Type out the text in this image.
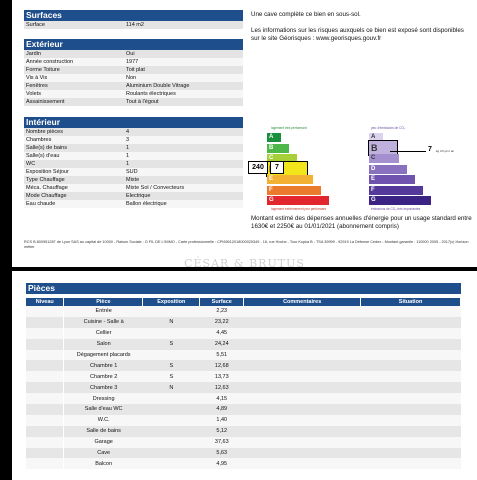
Surfaces
Surface	114 m2
Extérieur
Jardin	Oui
Année construction	1977
Forme Toiture	Toit plat
Vis à Vis	Non
Fenêtres	Aluminium Double Vitrage
Volets	Roulants électriques
Assainissement	Tout à l'égout
Intérieur
Nombre pièces	4
Chambres	3
Salle(s) de bains	1
Salle(s) d'eau	1
WC	1
Exposition Séjour	SUD
Type Chauffage	Mixte
Méca. Chauffage	Mixte Sol / Convecteurs
Mode Chauffage	Electrique
Eau chaude	Ballon électrique
Une cave complète ce bien en sous-sol.
Les informations sur les risques auxquels ce bien est exposé sont disponibles sur le site Géorisques : www.georisques.gouv.fr
logement très performant
A
B
C
E
F
G
logement extrêmement peu performant
240	7
peu d'émissions de CO₂
A
B
C
D
E
F
G
émissions de CO₂ très importantes
7 kg CO₂/m².an
Montant estimé des dépenses annuelles d'énergie pour un usage standard entre 1630€ et 2250€ au 01/01/2021 (abonnement compris)
RCS B 800951287 de Lyon SAS au capital de 10000 - Raison Sociale : O FIL DE L'IMMO - Carte professionnelle : CPI69012018000029349 - 16, rue Hoche - Tour Kupka B - TSA 39999 - 92919 La Défense Cedex - Montant garantie : 110000 2005 - 2017(c) Horizon métier
CÉSAR & BRUTUS
Pièces
Niveau	Pièce	Exposition	Surface	Commentaires	Situation
	Entrée		2,23		
	Cuisine - Salle à	N	23,22		
	Cellier		4,45		
	Salon	S	24,24		
	Dégagement placards		5,51		
	Chambre 1	S	12,68		
	Chambre 2	S	13,73		
	Chambre 3	N	12,63		
	Dressing		4,15		
	Salle d'eau WC		4,89		
	W.C.		1,40		
	Salle de bains		5,12		
	Garage		37,63		
	Cave		5,63		
	Balcon		4,95		
